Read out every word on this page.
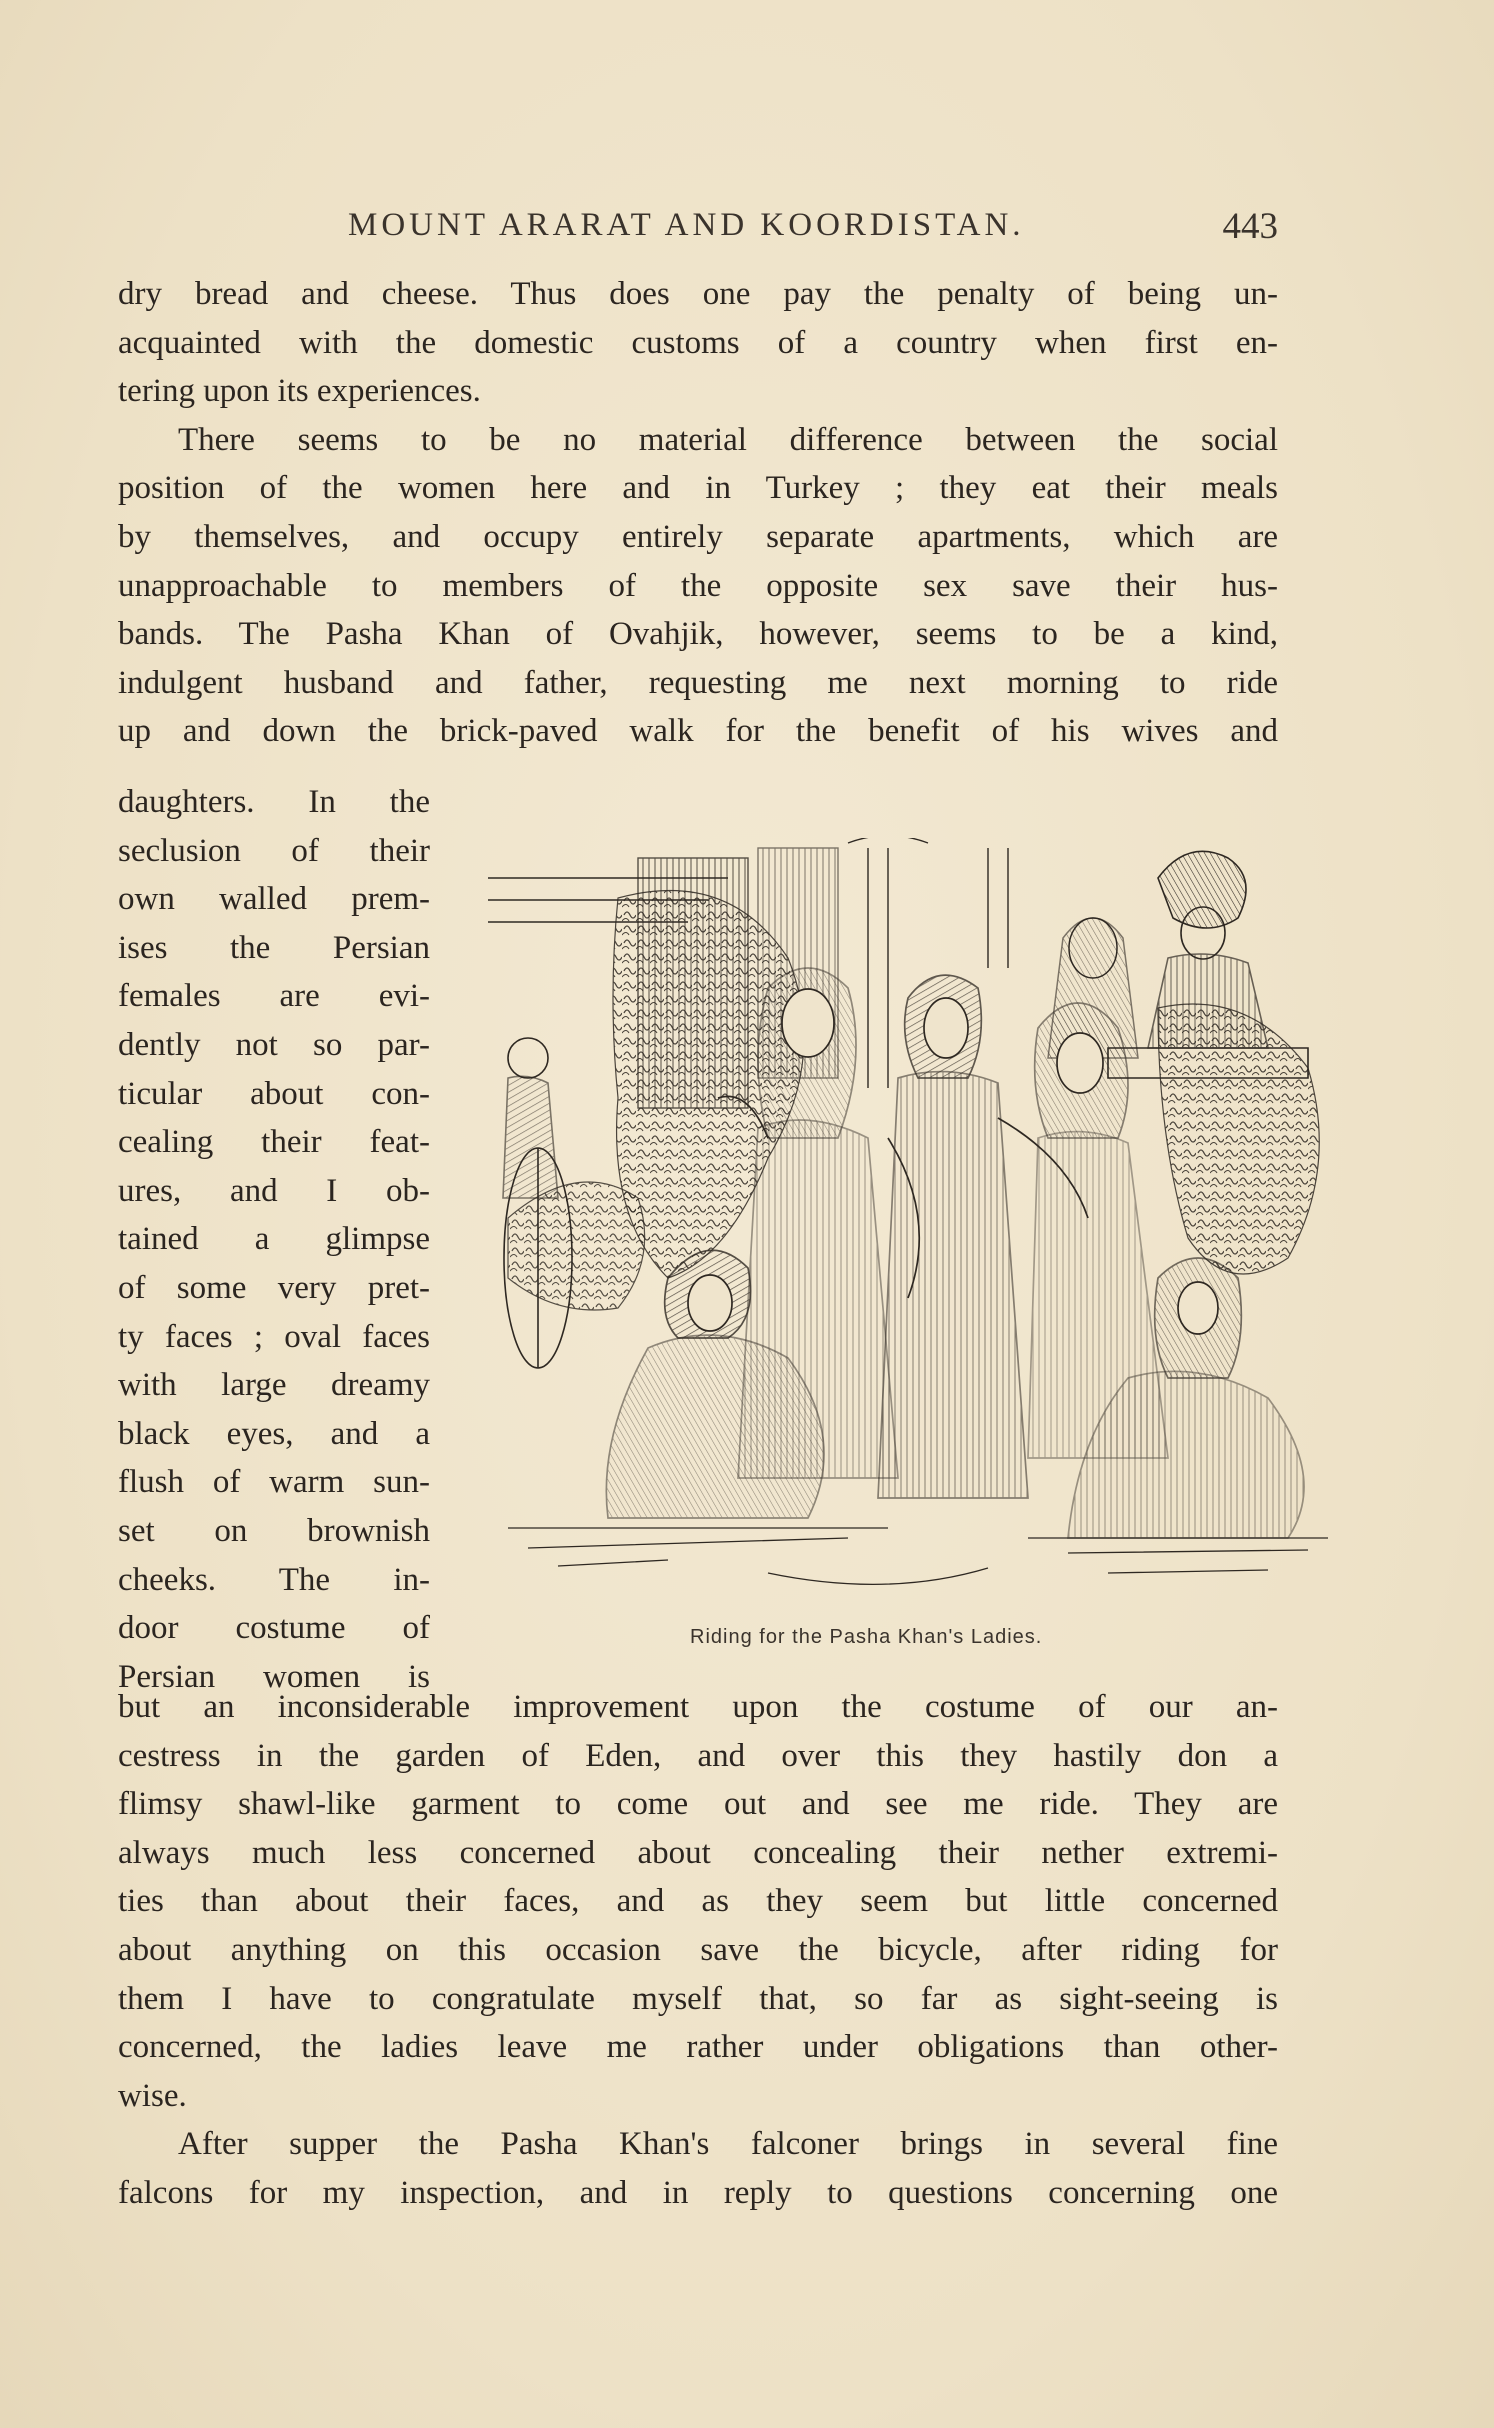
MOUNT ARARAT AND KOORDISTAN.	443
dry bread and cheese. Thus does one pay the penalty of being un-
acquainted with the domestic customs of a country when first en-
tering upon its experiences.
There seems to be no material difference between the social
position of the women here and in Turkey ; they eat their meals
by themselves, and occupy entirely separate apartments, which are
unapproachable to members of the opposite sex save their hus-
bands. The Pasha Khan of Ovahjik, however, seems to be a kind,
indulgent husband and father, requesting me next morning to ride
up and down the brick-paved walk for the benefit of his wives and
daughters. In the
seclusion of their
own walled prem-
ises the Persian
females are evi-
dently not so par-
ticular about con-
cealing their feat-
ures, and I ob-
tained a glimpse
of some very pret-
ty faces ; oval faces
with large dreamy
black eyes, and a
flush of warm sun-
set on brownish
cheeks. The in-
door costume of
Persian women is
Riding for the Pasha Khan's Ladies.
but an inconsiderable improvement upon the costume of our an-
cestress in the garden of Eden, and over this they hastily don a
flimsy shawl-like garment to come out and see me ride. They are
always much less concerned about concealing their nether extremi-
ties than about their faces, and as they seem but little concerned
about anything on this occasion save the bicycle, after riding for
them I have to congratulate myself that, so far as sight-seeing is
concerned, the ladies leave me rather under obligations than other-
wise.
After supper the Pasha Khan's falconer brings in several fine
falcons for my inspection, and in reply to questions concerning one
